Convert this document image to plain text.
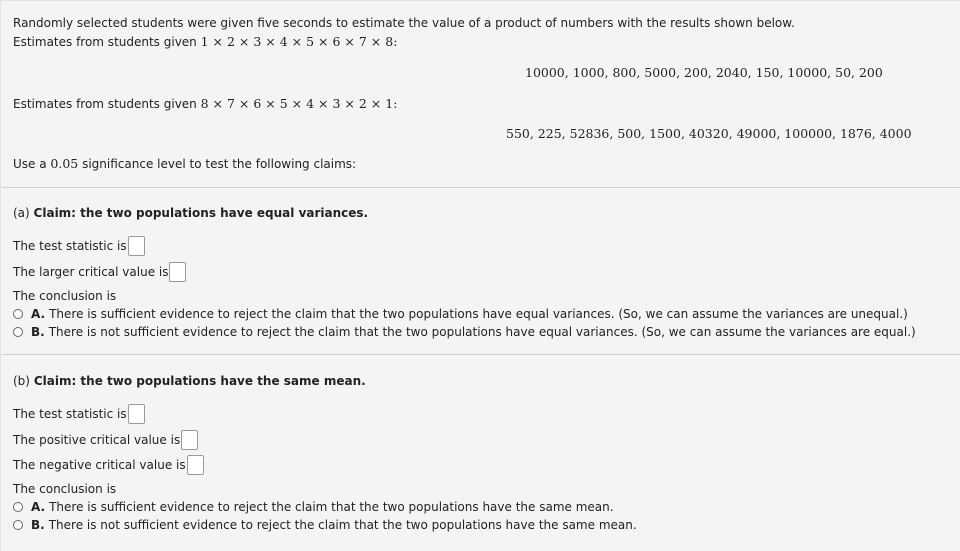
Randomly selected students were given five seconds to estimate the value of a product of numbers with the results shown below.
Estimates from students given 1 × 2 × 3 × 4 × 5 × 6 × 7 × 8:
10000, 1000, 800, 5000, 200, 2040, 150, 10000, 50, 200
Estimates from students given 8 × 7 × 6 × 5 × 4 × 3 × 2 × 1:
550, 225, 52836, 500, 1500, 40320, 49000, 100000, 1876, 4000
Use a 0.05 significance level to test the following claims:
(a) Claim: the two populations have equal variances.
The test statistic is
The larger critical value is
The conclusion is
A. There is sufficient evidence to reject the claim that the two populations have equal variances. (So, we can assume the variances are unequal.)
B. There is not sufficient evidence to reject the claim that the two populations have equal variances. (So, we can assume the variances are equal.)
(b) Claim: the two populations have the same mean.
The test statistic is
The positive critical value is
The negative critical value is
The conclusion is
A. There is sufficient evidence to reject the claim that the two populations have the same mean.
B. There is not sufficient evidence to reject the claim that the two populations have the same mean.
